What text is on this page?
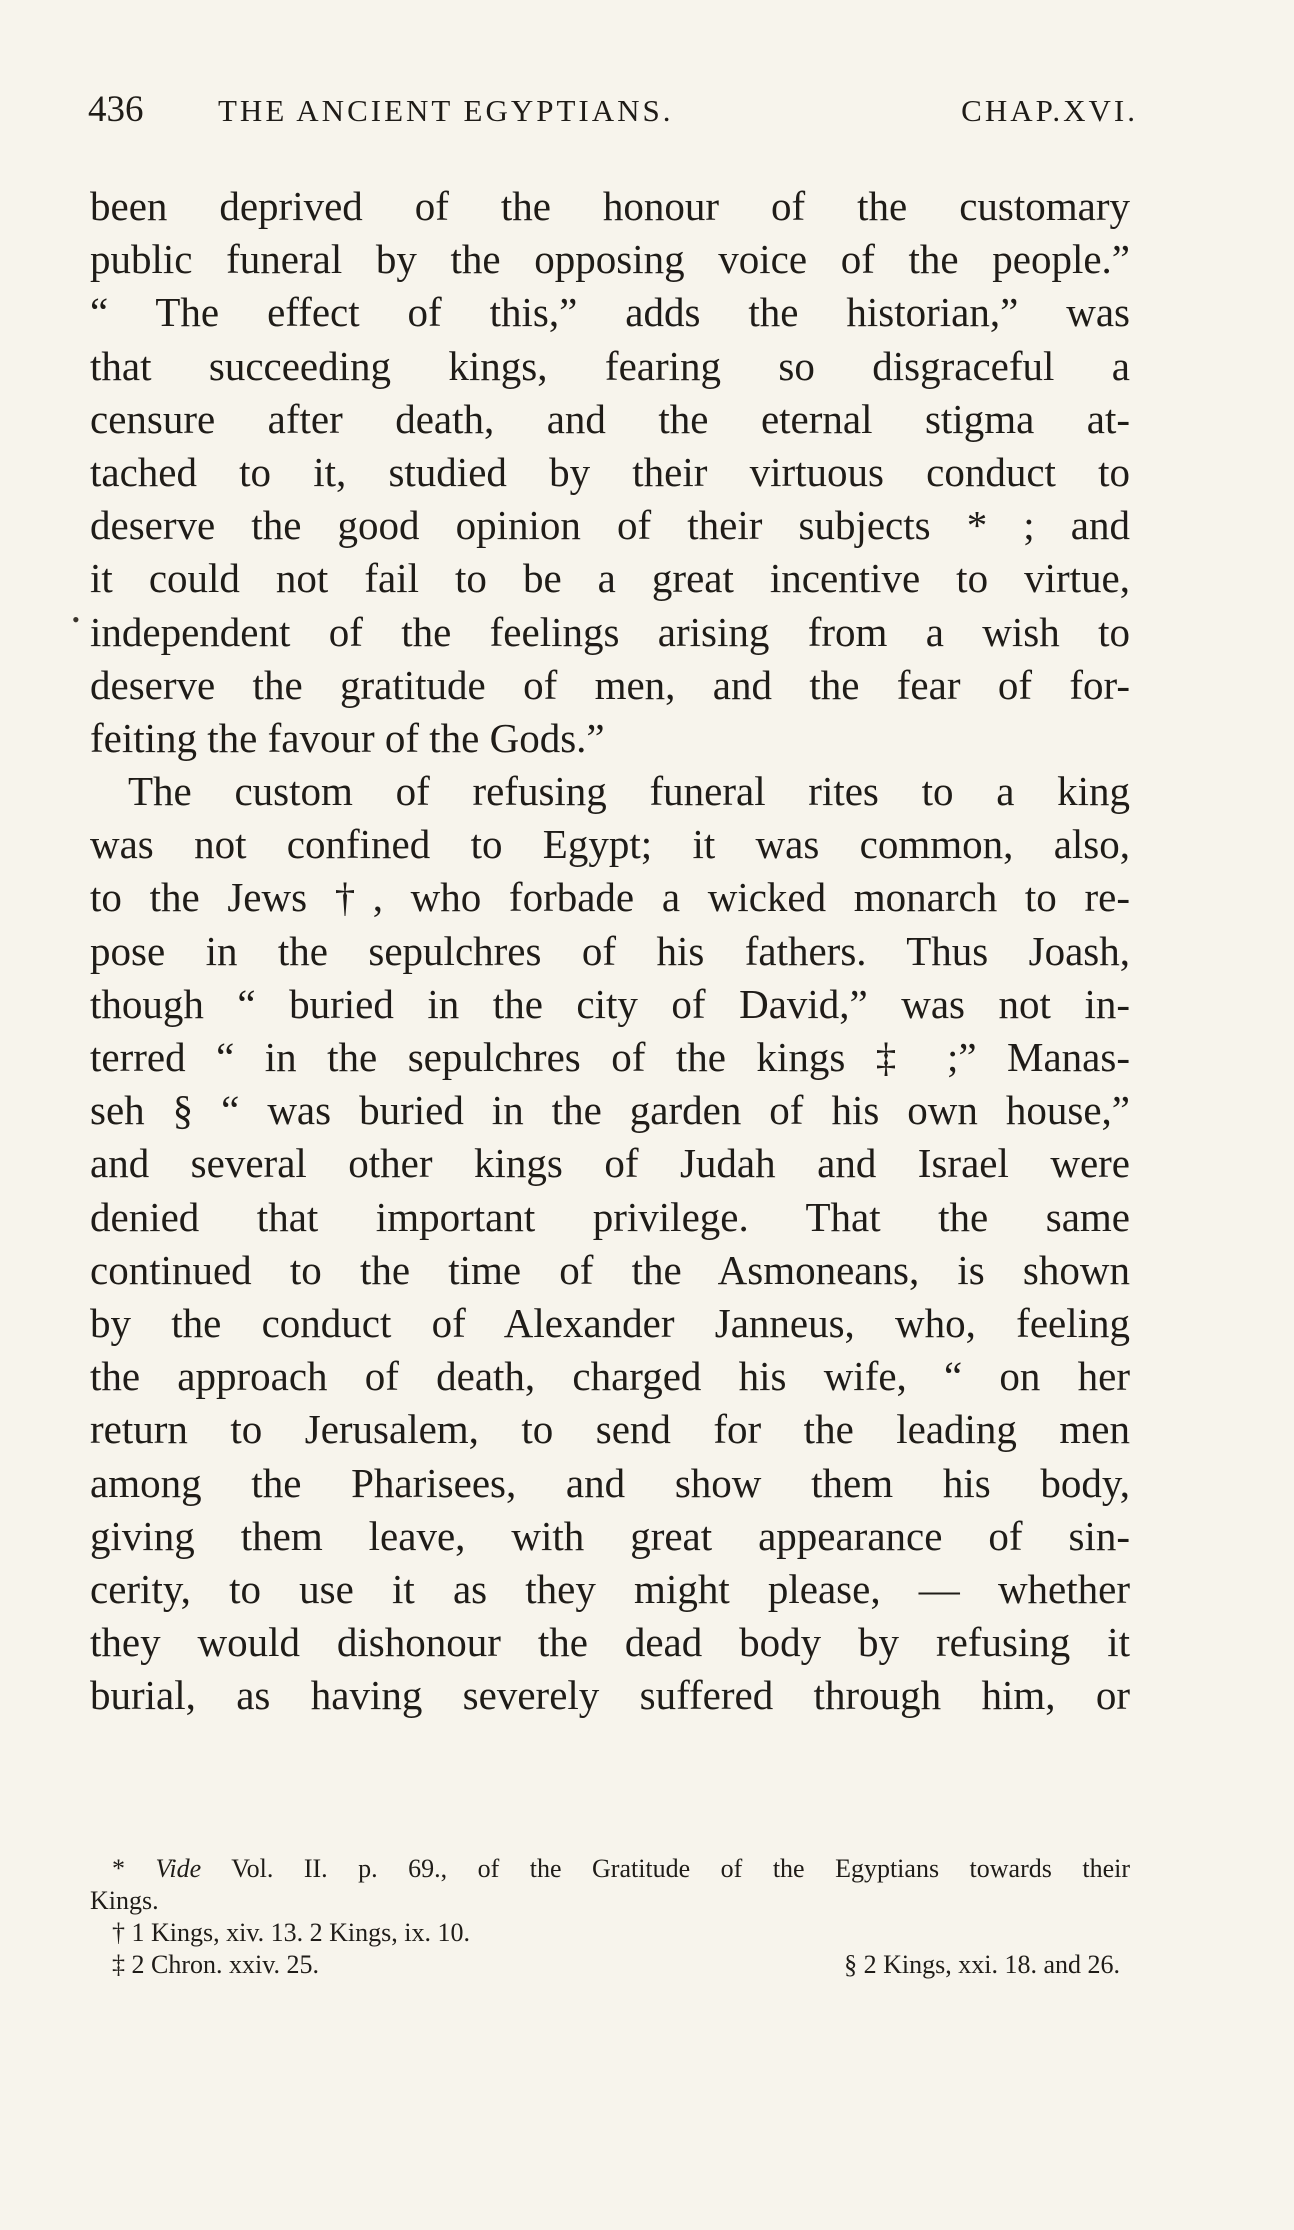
436	THE ANCIENT EGYPTIANS.	CHAP.XVI.
•
been deprived of the honour of the customary
public funeral by the opposing voice of the people.”
“ The effect of this,” adds the historian,” was
that succeeding kings, fearing so disgraceful a
censure after death, and the eternal stigma at-
tached to it, studied by their virtuous conduct to
deserve the good opinion of their subjects * ; and
it could not fail to be a great incentive to virtue,
independent of the feelings arising from a wish to
deserve the gratitude of men, and the fear of for-
feiting the favour of the Gods.”
The custom of refusing funeral rites to a king
was not confined to Egypt; it was common, also,
to the Jews †, who forbade a wicked monarch to re-
pose in the sepulchres of his fathers. Thus Joash,
though “ buried in the city of David,” was not in-
terred “ in the sepulchres of the kings ‡ ;” Manas-
seh § “ was buried in the garden of his own house,”
and several other kings of Judah and Israel were
denied that important privilege. That the same
continued to the time of the Asmoneans, is shown
by the conduct of Alexander Janneus, who, feeling
the approach of death, charged his wife, “ on her
return to Jerusalem, to send for the leading men
among the Pharisees, and show them his body,
giving them leave, with great appearance of sin-
cerity, to use it as they might please, — whether
they would dishonour the dead body by refusing it
burial, as having severely suffered through him, or
* Vide Vol. II. p. 69., of the Gratitude of the Egyptians towards their
Kings.
† 1 Kings, xiv. 13. 2 Kings, ix. 10.
‡ 2 Chron. xxiv. 25.	§ 2 Kings, xxi. 18. and 26.
